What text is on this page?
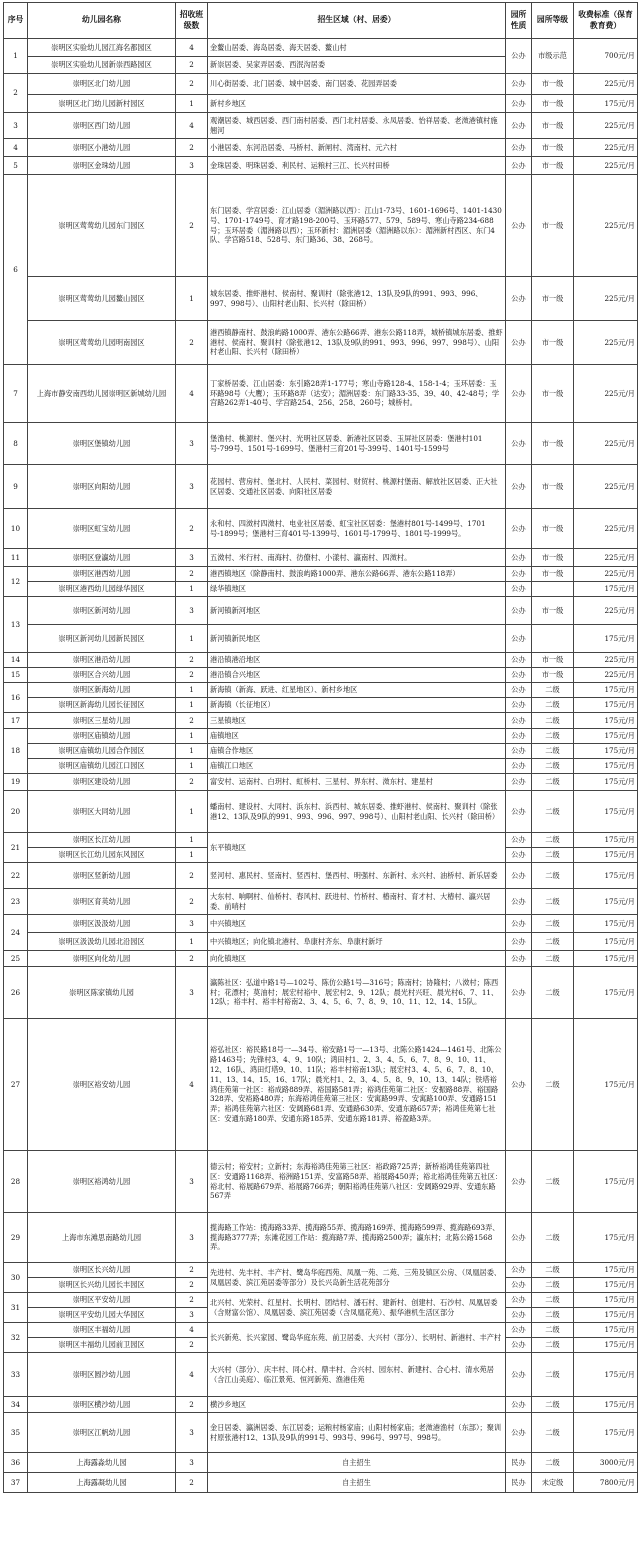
序号	幼儿园名称	招收班级数	招生区域（村、居委）	园所性质	园所等级	收费标准（保育教育费）
1	崇明区实验幼儿园江海名都园区	4	金鳌山居委、海岛居委、海天居委、鳌山村	公办	市级示范	700元/月
	崇明区实验幼儿园新崇西路园区	2	新崇居委、吴家弄居委、西泯沟居委			
2	崇明区北门幼儿园	2	川心街居委、北门居委、城中居委、南门居委、花园弄居委	公办	市一级	225元/月
	崇明区北门幼儿园新村园区	1	新村乡地区	公办	市一级	175元/月
3	崇明区西门幼儿园	4	观潮居委、城西居委、西门南村居委、西门北村居委、永凤居委、怡祥居委、老滧港镇村施翘河	公办	市一级	225元/月
4	崇明区小港幼儿园	2	小港居委、东河沿居委、马桥村、新闸村、湾南村、元六村	公办	市一级	225元/月
5	崇明区金珠幼儿园	3	金珠居委、明珠居委、利民村、运粮村三江、长兴村田桥	公办	市一级	225元/月
6	崇明区莺莺幼儿园东门园区	2	东门居委、学宫居委：江山居委（湄洲路以西）：江山1-73号、1601-1696号、1401-1430号、1701-1749号、育才路198-200号、玉环路577、579、589号、寒山寺路234-688号；玉环居委（湄洲路以西）；玉环新村：湄洲居委（湄洲路以东）：湄洲新村西区、东门4队、学宫路518、528号、东门路36、38、268号。	公办	市一级	225元/月
	崇明区莺莺幼儿园鳌山园区	1	城东居委、推虾港村、侯南村、聚训村（除张港12、13队及9队的991、993、996、997、998号）、山阳村老山阳、长兴村（除田桥）	公办	市一级	225元/月
	崇明区莺莺幼儿园明南园区	2	港西镇静南村、鼓浪屿路1000弄、港东公路66弄、港东公路118弄，城桥镇城东居委、推虾港村、侯南村、聚训村（除张港12、13队及9队的991、993、996、997、998号）、山阳村老山阳、长兴村（除田桥）	公办	市一级	225元/月
7	上海市静安南西幼儿园崇明区新城幼儿园	4	丁家桥居委、江山居委：东引路28弄1-177号；寒山寺路128-4、158-1-4；玉环居委：玉环路98号（大鹰）；玉环路8弄（达安）；湄洲居委：东门路33-35、39、40、42-48号；学宫路262弄1-40号、学宫路254、256、258、260号；城桥村。	公办	市一级	225元/月
8	崇明区堡镇幼儿园	3	堡渔村、桃源村、堡兴村、光明社区居委、新港社区居委、玉屏社区居委：堡港村101号-799号、1501号-1699号、堡港村三育201号-399号、1401号-1599号	公办	市一级	225元/月
9	崇明区向阳幼儿园	3	花园村、营房村、堡北村、人民村、菜园村、财贸村、桃源村堡南、解放社区居委、正大社区居委、交通社区居委、向阳社区居委	公办	市一级	225元/月
10	崇明区虹宝幼儿园	2	永和村、四滧村四滧村、电业社区居委、虹宝社区居委：堡港村801号-1499号、1701号-1899号；堡港村三育401号-1399号、1601号-1799号、1801号-1999号。	公办	市一级	225元/月
11	崇明区登瀛幼儿园	3	五滧村、米行村、南海村、彷僚村、小漾村、瀛南村、四滧村。	公办	市一级	225元/月
12	崇明区港西幼儿园	2	港西镇地区（除静南村、鼓浪屿路1000弄、港东公路66弄、港东公路118弄）	公办	市一级	225元/月
	崇明区港西幼儿园绿华园区	1	绿华镇地区	公办		175元/月
13	崇明区新河幼儿园	3	新河镇新河地区	公办	市一级	225元/月
	崇明区新河幼儿园新民园区	1	新河镇新民地区	公办		175元/月
14	崇明区港沿幼儿园	2	港沿镇港沿地区	公办	市一级	225元/月
15	崇明区合兴幼儿园	2	港沿镇合兴地区	公办	市一级	225元/月
16	崇明区新海幼儿园	1	新海镇（新海、跃进、红星地区）、新村乡地区	公办	二级	175元/月
	崇明区新海幼儿园长征园区	1	新海镇（长征地区）	公办	二级	175元/月
17	崇明区三星幼儿园	2	三星镇地区	公办	二级	175元/月
18	崇明区庙镇幼儿园	1	庙镇地区	公办	二级	175元/月
	崇明区庙镇幼儿园合作园区	1	庙镇合作地区	公办	二级	175元/月
	崇明区庙镇幼儿园江口园区	1	庙镇江口地区	公办	二级	175元/月
19	崇明区建设幼儿园	2	富安村、运南村、白玥村、虹桥村、三星村、界东村、滧东村、建星村	公办	二级	175元/月
20	崇明区大同幼儿园	1	蟠南村、建设村、大同村、浜东村、浜西村、城东居委、推虾港村、侯南村、聚训村（除张港12、13队及9队的991、993、996、997、998号）、山阳村老山阳、长兴村（除田桥）	公办	二级	175元/月
21	崇明区长江幼儿园	1	东平镇地区	公办	二级	175元/月
	崇明区长江幼儿园东风园区	1		公办	二级	175元/月
22	崇明区竖新幼儿园	2	竖河村、惠民村、竖南村、竖西村、堡西村、明强村、东新村、永兴村、油桥村、新乐居委	公办	二级	175元/月
23	崇明区育英幼儿园	2	大东村、响啊村、仙桥村、春风村、跃进村、竹桥村、椿南村、育才村、大椿村、瀛兴居委、前哨村	公办	二级	175元/月
24	崇明区汲汲幼儿园	3	中兴镇地区	公办	二级	175元/月
	崇明区汲汲幼儿园北沿园区	1	中兴镇地区；向化镇北港村、阜康村齐东、阜康村新圩	公办	二级	175元/月
25	崇明区向化幼儿园	2	向化镇地区	公办	二级	175元/月
26	崇明区陈家镇幼儿园	3	瀛陈社区：弘道中路1号—102号、陈仿公路1号—316号；陈南村；协隆村；八滧村；陈西村；花漂村；莫油村；展宏村裕中、展宏村2、9、12队；晨光村兴旺、晨光村6、7、11、12队；裕丰村、裕丰村裕南2、3、4、5、6、7、8、9、10、11、12、14、15队。	公办	二级	175元/月
27	崇明区裕安幼儿园	4	裕弘社区：裕民路18号一—34号、裕安路1号一—13号、北陈公路1424—1461号、北陈公路1463号；先锋村3、4、9、10队；鸿田村1、2、3、4、5、6、7、8、9、10、11、12、16队、鸿田灯塔9、10、11队；裕丰村裕南13队；展宏村3、4、5、6、7、8、10、11、13、14、15、16、17队；晨光村1、2、3、4、5、8、9、10、13、14队；铁塔裕鸿佳苑第一社区：裕成路889弄、裕国路581弄；裕鸿佳苑第二社区：安振路88弄、裕国路328弄、安裕路480弄；东海裕鸿佳苑第三社区：安寓路99弄、安寓路100弄、安通路151弄；裕鸿佳苑第六社区：安阔路681弄、安通路630弄、安通东路657弄；裕鸿佳苑第七社区：安通东路180弄、安通东路185弄、安通东路181弄、裕盈路3弄。	公办	二级	175元/月
28	崇明区裕鸿幼儿园	3	德云村；裕安村；立新村；东海裕鸿佳苑第三社区：裕政路725弄；新桥裕鸿佳苑第四社区：安通路1168弄、裕洲路151弄、安富路58弄、裕展路450弄；裕北裕鸿佳苑第五社区：裕北村、裕展路679弄、裕展路766弄；朝阳裕鸿佳苑第八社区：安阔路929弄、安通东路567弄	公办	二级	175元/月
29	上海市东滩思南路幼儿园	3	揽海路工作站：揽海路33弄、揽海路55弄、揽海路169弄、揽海路599弄、揽海路693弄、揽海路3777弄；东滩花园工作站：揽海路7弄、揽海路2500弄；瀛东村；北陈公路1568弄。	公办	二级	175元/月
30	崇明区长兴幼儿园	2	先进村、先丰村、丰产村、鹭岛华庭西苑、凤凰一苑、二苑、三苑及镇区公房、（凤凰居委、凤凰居委、滨江苑居委等部分）及长兴岛新生活花苑部分	公办	二级	175元/月
	崇明区长兴幼儿园长丰园区	2		公办	二级	175元/月
31	崇明区平安幼儿园	2	北兴村、光荣村、红星村、长明村、团结村、潘石村、建新村、创建村、石沙村、凤凰居委（含财富公馆）、凤凰居委、滨江苑居委（含凤凰花苑）、振华港机生活区部分	公办	二级	175元/月
	崇明区平安幼儿园大华园区	3		公办	二级	175元/月
32	崇明区丰福幼儿园	4	长兴新苑、长兴家园、鹭岛华庭东苑、前卫居委、大兴村（部分）、长明村、新港村、丰产村	公办	二级	175元/月
	崇明区丰福幼儿园前卫园区	2		公办	二级	175元/月
33	崇明区圆沙幼儿园	4	大兴村（部分）、庆丰村、同心村、鼎丰村、合兴村、园东村、新建村、合心村、清水苑居（含江山美庭）、临江景苑、恒河新苑、渔港佳苑	公办	二级	175元/月
34	崇明区横沙幼儿园	2	横沙乡地区	公办	二级	175元/月
35	崇明区江帆幼儿园	3	金日居委、瀛洲居委、东江居委；运粮村杨家庙；山阳村杨家庙；老滧港渔村（东部）；聚训村原张港村12、13队及9队的991号、993号、996号、997号、998号。	公办	二级	175元/月
36	上海露淼幼儿园	3	自主招生	民办	二级	3000元/月
37	上海露凝幼儿园	2	自主招生	民办	未定级	7800元/月
